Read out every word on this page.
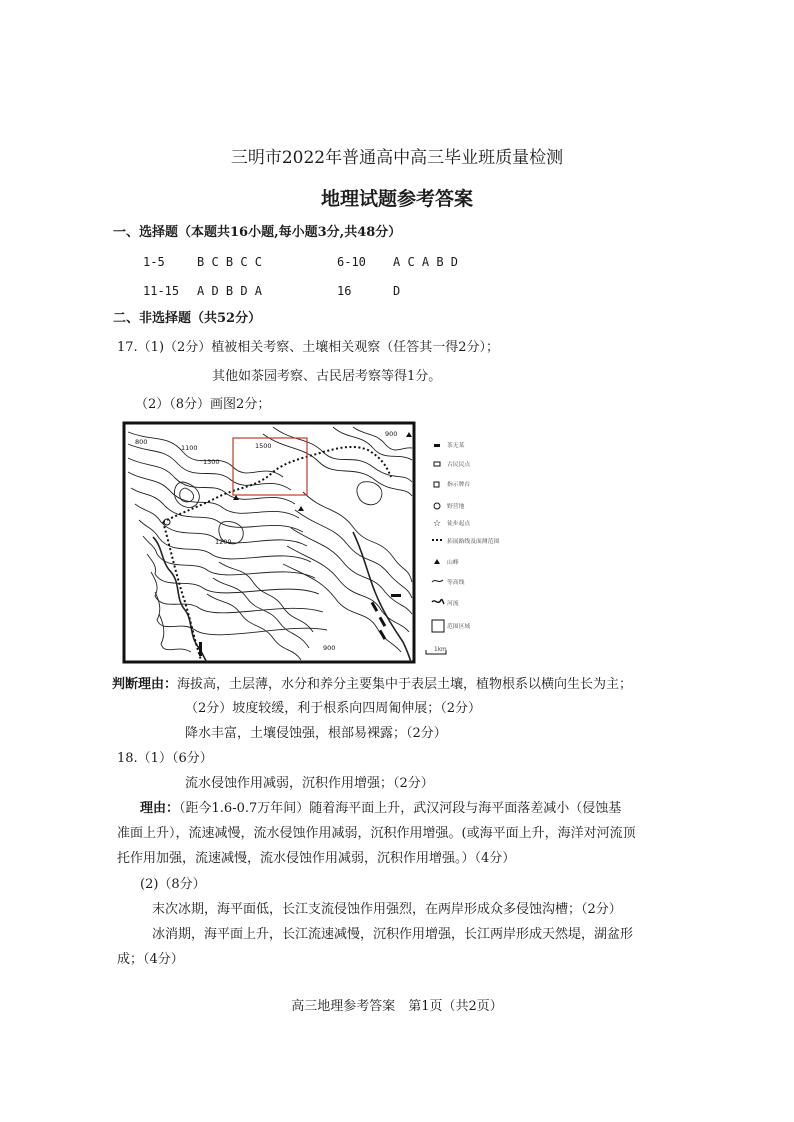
三明市2022年普通高中高三毕业班质量检测
地理试题参考答案
一、选择题（本题共16小题,每小题3分,共48分）
1-5	B C B C C	6-10 A C A B D
11-15 A D B D A	16	D
二、非选择题（共52分）
17.（1)（2分）植被相关考察、土壤相关观察（任答其一得2分）；
其他如茶园考察、古民居考察等得1分。
（2）（8分）画图2分；
800
1100
1300
1500
1200
900
900
茶无某
古民民点
指示牌台
野营地
☆ 徒步起点
拓展路线及面测范围
山峰
等高线
河流
范围区域
1km
判断理由：海拔高，土层薄，水分和养分主要集中于表层土壤，植物根系以横向生长为主；
（2分）坡度较缓，利于根系向四周匍伸展；（2分）
降水丰富，土壤侵蚀强，根部易裸露；（2分）
18.（1）（6分）
流水侵蚀作用减弱，沉积作用增强；（2分）
理由：（距今1.6-0.7万年间）随着海平面上升，武汉河段与海平面落差减小（侵蚀基
准面上升），流速减慢，流水侵蚀作用减弱，沉积作用增强。(或海平面上升，海洋对河流顶
托作用加强，流速减慢，流水侵蚀作用减弱，沉积作用增强。）（4分）
(2)（8分）
末次冰期，海平面低，长江支流侵蚀作用强烈，在两岸形成众多侵蚀沟槽；（2分）
冰消期，海平面上升，长江流速减慢，沉积作用增强，长江两岸形成天然堤，湖盆形
成；（4分）
高三地理参考答案　第1页（共2页）
